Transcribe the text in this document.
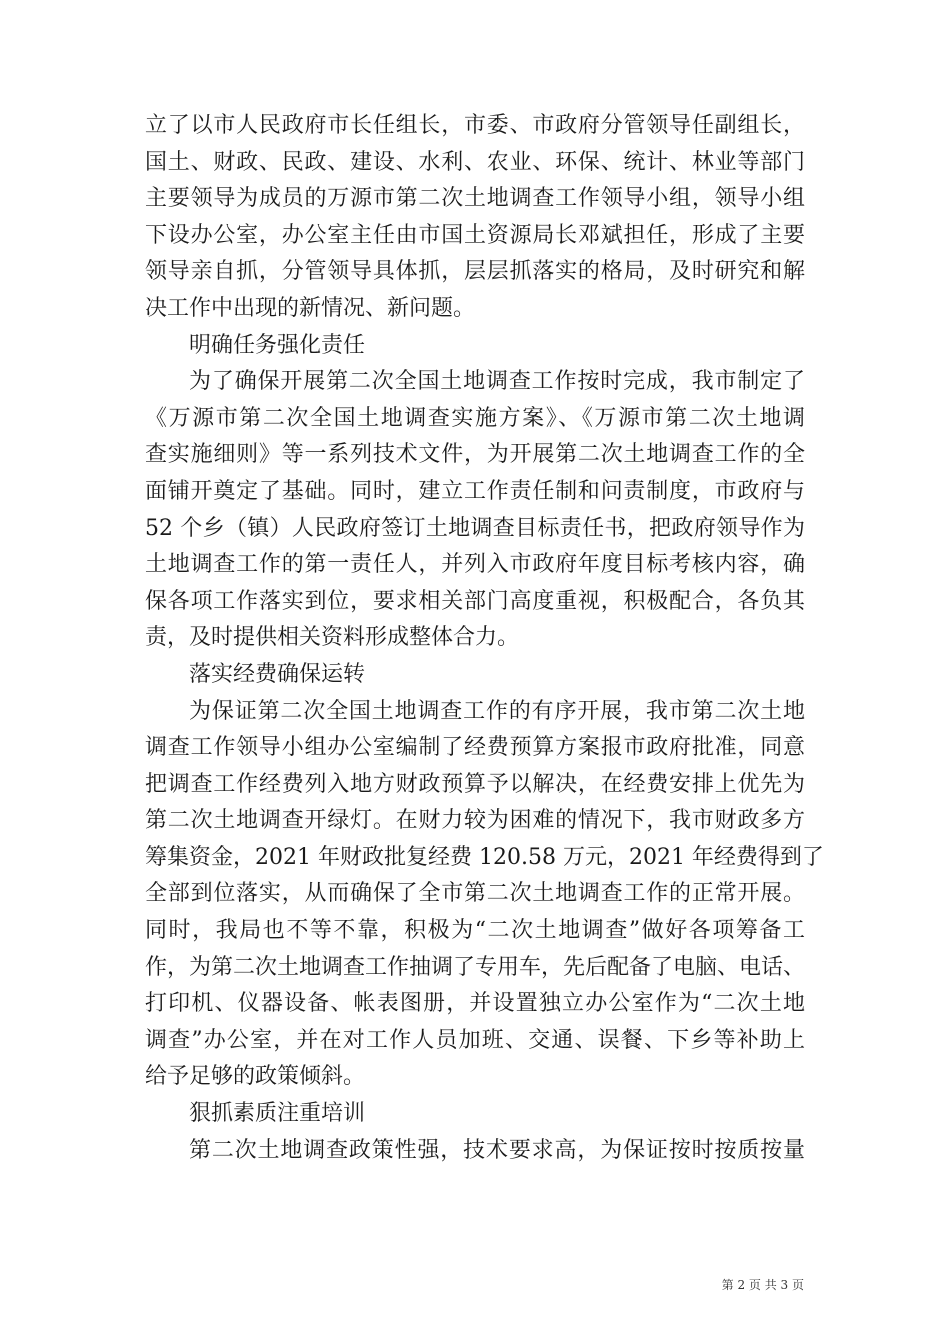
立了以市人民政府市长任组长，市委、市政府分管领导任副组长，
国土、财政、民政、建设、水利、农业、环保、统计、林业等部门
主要领导为成员的万源市第二次土地调查工作领导小组，领导小组
下设办公室，办公室主任由市国土资源局长邓斌担任，形成了主要
领导亲自抓，分管领导具体抓，层层抓落实的格局，及时研究和解
决工作中出现的新情况、新问题。
明确任务强化责任
为了确保开展第二次全国土地调查工作按时完成，我市制定了
《万源市第二次全国土地调查实施方案》、《万源市第二次土地调
查实施细则》等一系列技术文件，为开展第二次土地调查工作的全
面铺开奠定了基础。同时，建立工作责任制和问责制度，市政府与
52 个乡（镇）人民政府签订土地调查目标责任书，把政府领导作为
土地调查工作的第一责任人，并列入市政府年度目标考核内容，确
保各项工作落实到位，要求相关部门高度重视，积极配合，各负其
责，及时提供相关资料形成整体合力。
落实经费确保运转
为保证第二次全国土地调查工作的有序开展，我市第二次土地
调查工作领导小组办公室编制了经费预算方案报市政府批准，同意
把调查工作经费列入地方财政预算予以解决，在经费安排上优先为
第二次土地调查开绿灯。在财力较为困难的情况下，我市财政多方
筹集资金，2021 年财政批复经费 120.58 万元，2021 年经费得到了
全部到位落实，从而确保了全市第二次土地调查工作的正常开展。
同时，我局也不等不靠，积极为“二次土地调查”做好各项筹备工
作，为第二次土地调查工作抽调了专用车，先后配备了电脑、电话、
打印机、仪器设备、帐表图册，并设置独立办公室作为“二次土地
调查”办公室，并在对工作人员加班、交通、误餐、下乡等补助上
给予足够的政策倾斜。
狠抓素质注重培训
第二次土地调查政策性强，技术要求高，为保证按时按质按量
第 2 页 共 3 页
